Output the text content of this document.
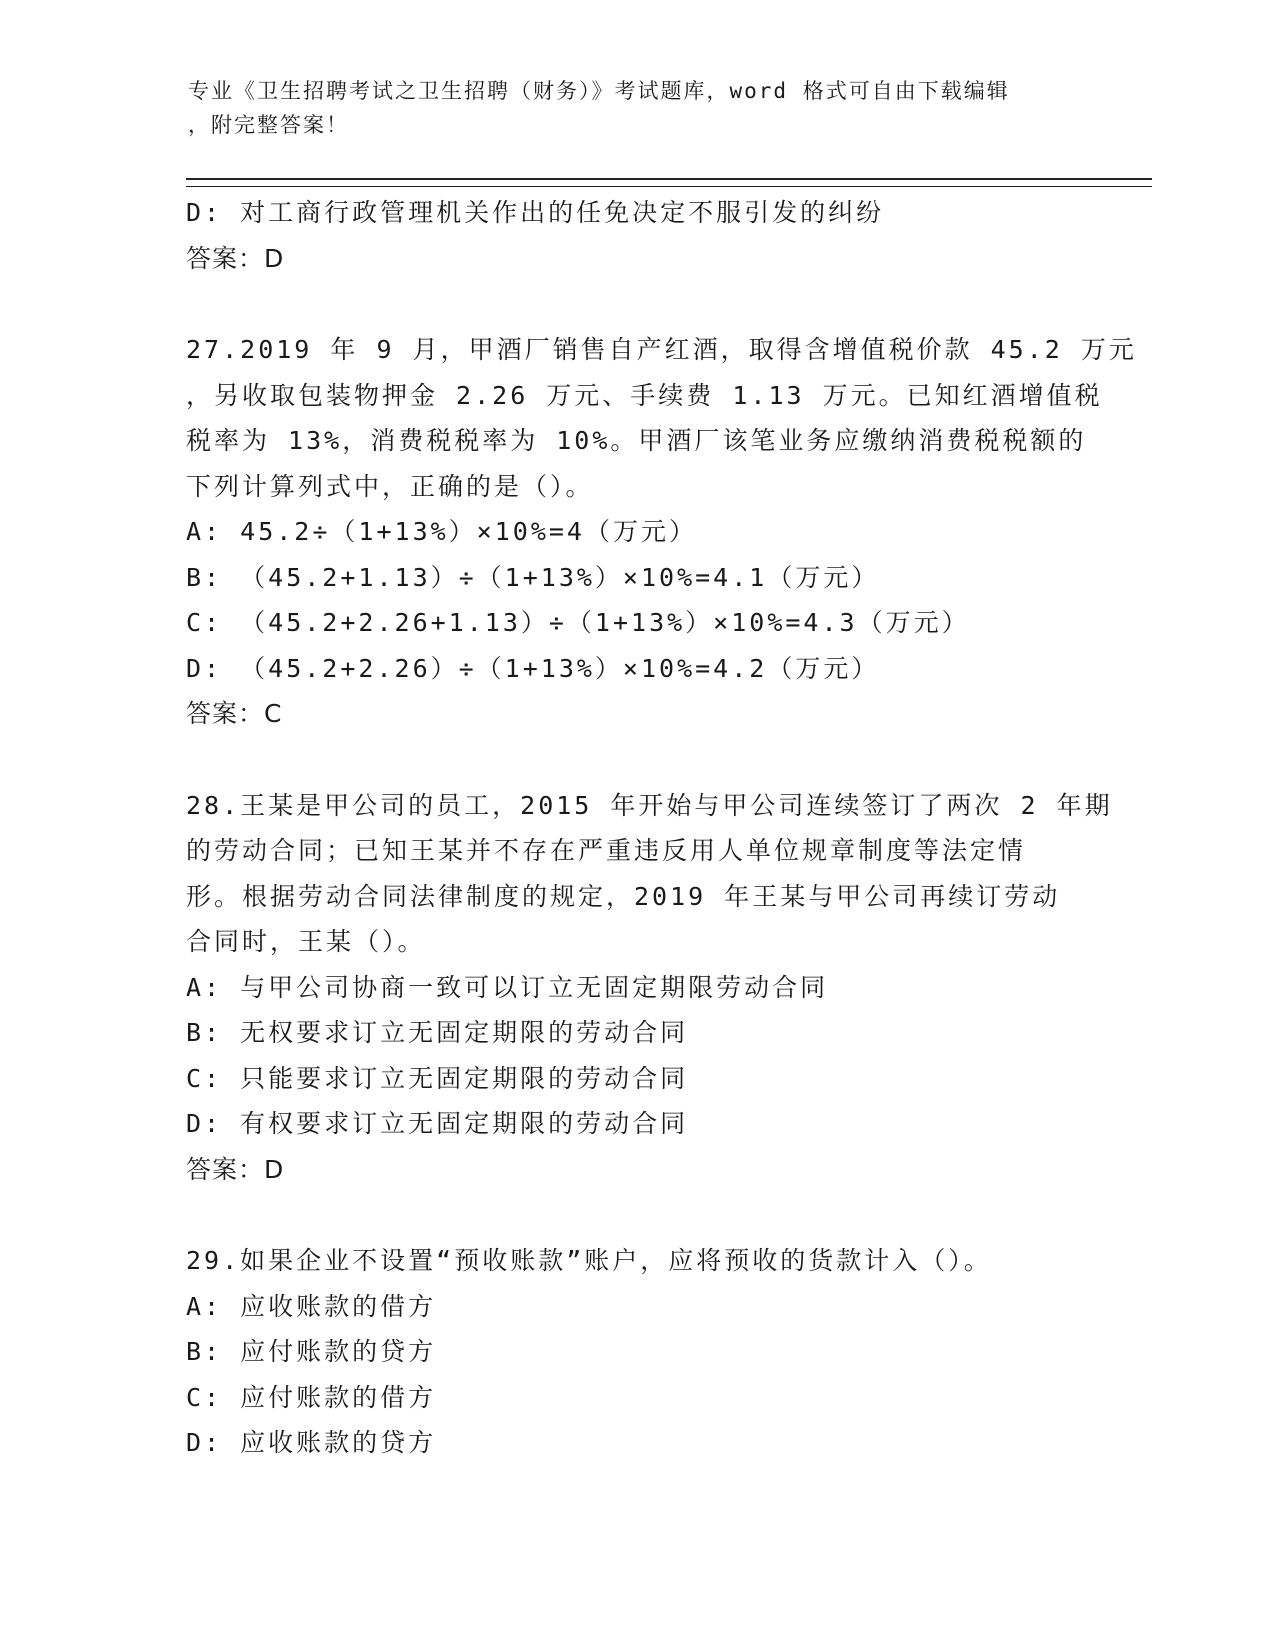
专业《卫生招聘考试之卫生招聘（财务）》考试题库，word 格式可自由下载编辑
，附完整答案！
D: 对工商行政管理机关作出的任免决定不服引发的纠纷
答案：D
27.2019 年 9 月，甲酒厂销售自产红酒，取得含增值税价款 45.2 万元
，另收取包装物押金 2.26 万元、手续费 1.13 万元。已知红酒增值税
税率为 13%，消费税税率为 10%。甲酒厂该笔业务应缴纳消费税税额的
下列计算列式中，正确的是（）。
A: 45.2÷（1+13%）×10%=4（万元）
B: （45.2+1.13）÷（1+13%）×10%=4.1（万元）
C: （45.2+2.26+1.13）÷（1+13%）×10%=4.3（万元）
D: （45.2+2.26）÷（1+13%）×10%=4.2（万元）
答案：C
28.王某是甲公司的员工，2015 年开始与甲公司连续签订了两次 2 年期
的劳动合同；已知王某并不存在严重违反用人单位规章制度等法定情
形。根据劳动合同法律制度的规定，2019 年王某与甲公司再续订劳动
合同时，王某（）。
A: 与甲公司协商一致可以订立无固定期限劳动合同
B: 无权要求订立无固定期限的劳动合同
C: 只能要求订立无固定期限的劳动合同
D: 有权要求订立无固定期限的劳动合同
答案：D
29.如果企业不设置“预收账款”账户，应将预收的货款计入（）。
A: 应收账款的借方
B: 应付账款的贷方
C: 应付账款的借方
D: 应收账款的贷方
